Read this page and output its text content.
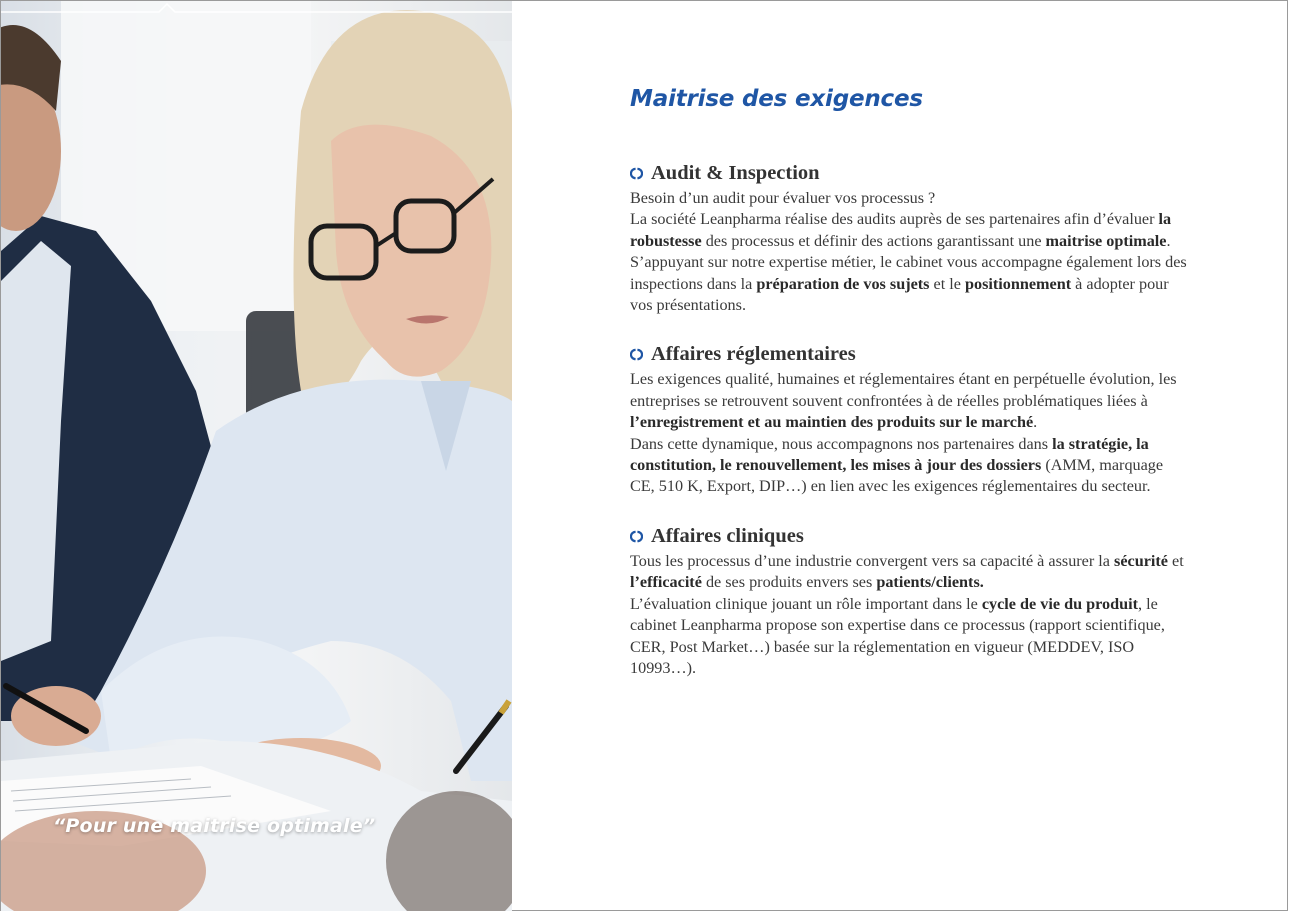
“Pour une maitrise optimale”
Maitrise des exigences
Audit & Inspection

Besoin d’un audit pour évaluer vos processus ?

La société Leanpharma réalise des audits auprès de ses partenaires afin d’évaluer la robustesse des processus et définir des actions garantissant une maitrise optimale.

S’appuyant sur notre expertise métier, le cabinet vous accompagne également lors des inspections dans la préparation de vos sujets et le positionnement à adopter pour vos présentations.

Affaires réglementaires

Les exigences qualité, humaines et réglementaires étant en perpétuelle évolution, les entreprises se retrouvent souvent confrontées à de réelles problématiques liées à l’enregistrement et au maintien des produits sur le marché.

Dans cette dynamique, nous accompagnons nos partenaires dans la stratégie, la constitution, le renouvellement, les mises à jour des dossiers (AMM, marquage CE, 510 K, Export, DIP…) en lien avec les exigences réglementaires du secteur.

Affaires cliniques

Tous les processus d’une industrie convergent vers sa capacité à assurer la sécurité et l’efficacité de ses produits envers ses patients/clients.

L’évaluation clinique jouant un rôle important dans le cycle de vie du produit, le cabinet Leanpharma propose son expertise dans ce processus (rapport scientifique, CER, Post Market…) basée sur la réglementation en vigueur (MEDDEV, ISO 10993…).
